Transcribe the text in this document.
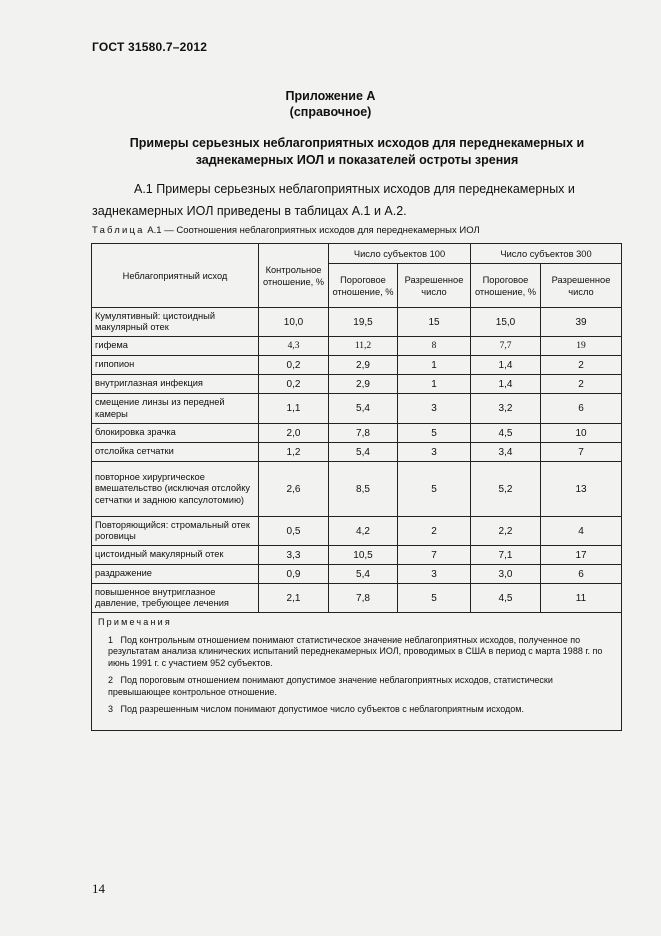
ГОСТ 31580.7–2012
Приложение А
(справочное)
Примеры серьезных неблагоприятных исходов для переднекамерных и
заднекамерных ИОЛ и показателей остроты зрения
А.1 Примеры серьезных неблагоприятных исходов для переднекамерных и
заднекамерных ИОЛ приведены в таблицах А.1 и А.2.
Таблица А.1 — Соотношения неблагоприятных исходов для переднекамерных ИОЛ
Неблагоприятный исход	Контрольное отношение, %	Число субъектов 100		Число субъектов 300	
		Пороговое отношение, %	Разрешенное число	Пороговое отношение, %	Разрешенное число
Кумулятивный: цистоидный макулярный отек	10,0	19,5	15	15,0	39
гифема	4,3	11,2	8	7,7	19
гипопион	0,2	2,9	1	1,4	2
внутриглазная инфекция	0,2	2,9	1	1,4	2
смещение линзы из передней камеры	1,1	5,4	3	3,2	6
блокировка зрачка	2,0	7,8	5	4,5	10
отслойка сетчатки	1,2	5,4	3	3,4	7
повторное хирургическое вмешательство (исключая отслойку сетчатки и заднюю капсулотомию)	2,6	8,5	5	5,2	13
Повторяющийся: стромальный отек роговицы	0,5	4,2	2	2,2	4
цистоидный макулярный отек	3,3	10,5	7	7,1	17
раздражение	0,9	5,4	3	3,0	6
повышенное внутриглазное давление, требующее лечения	2,1	7,8	5	4,5	11

Примечания
1 Под контрольным отношением понимают статистическое значение неблагоприятных исходов, полученное по результатам анализа клинических испытаний переднекамерных ИОЛ, проводимых в США в период с марта 1988 г. по июнь 1991 г. с участием 952 субъектов.
2 Под пороговым отношением понимают допустимое значение неблагоприятных исходов, статистически превышающее контрольное отношение.
3 Под разрешенным числом понимают допустимое число субъектов с неблагоприятным исходом.					
14
